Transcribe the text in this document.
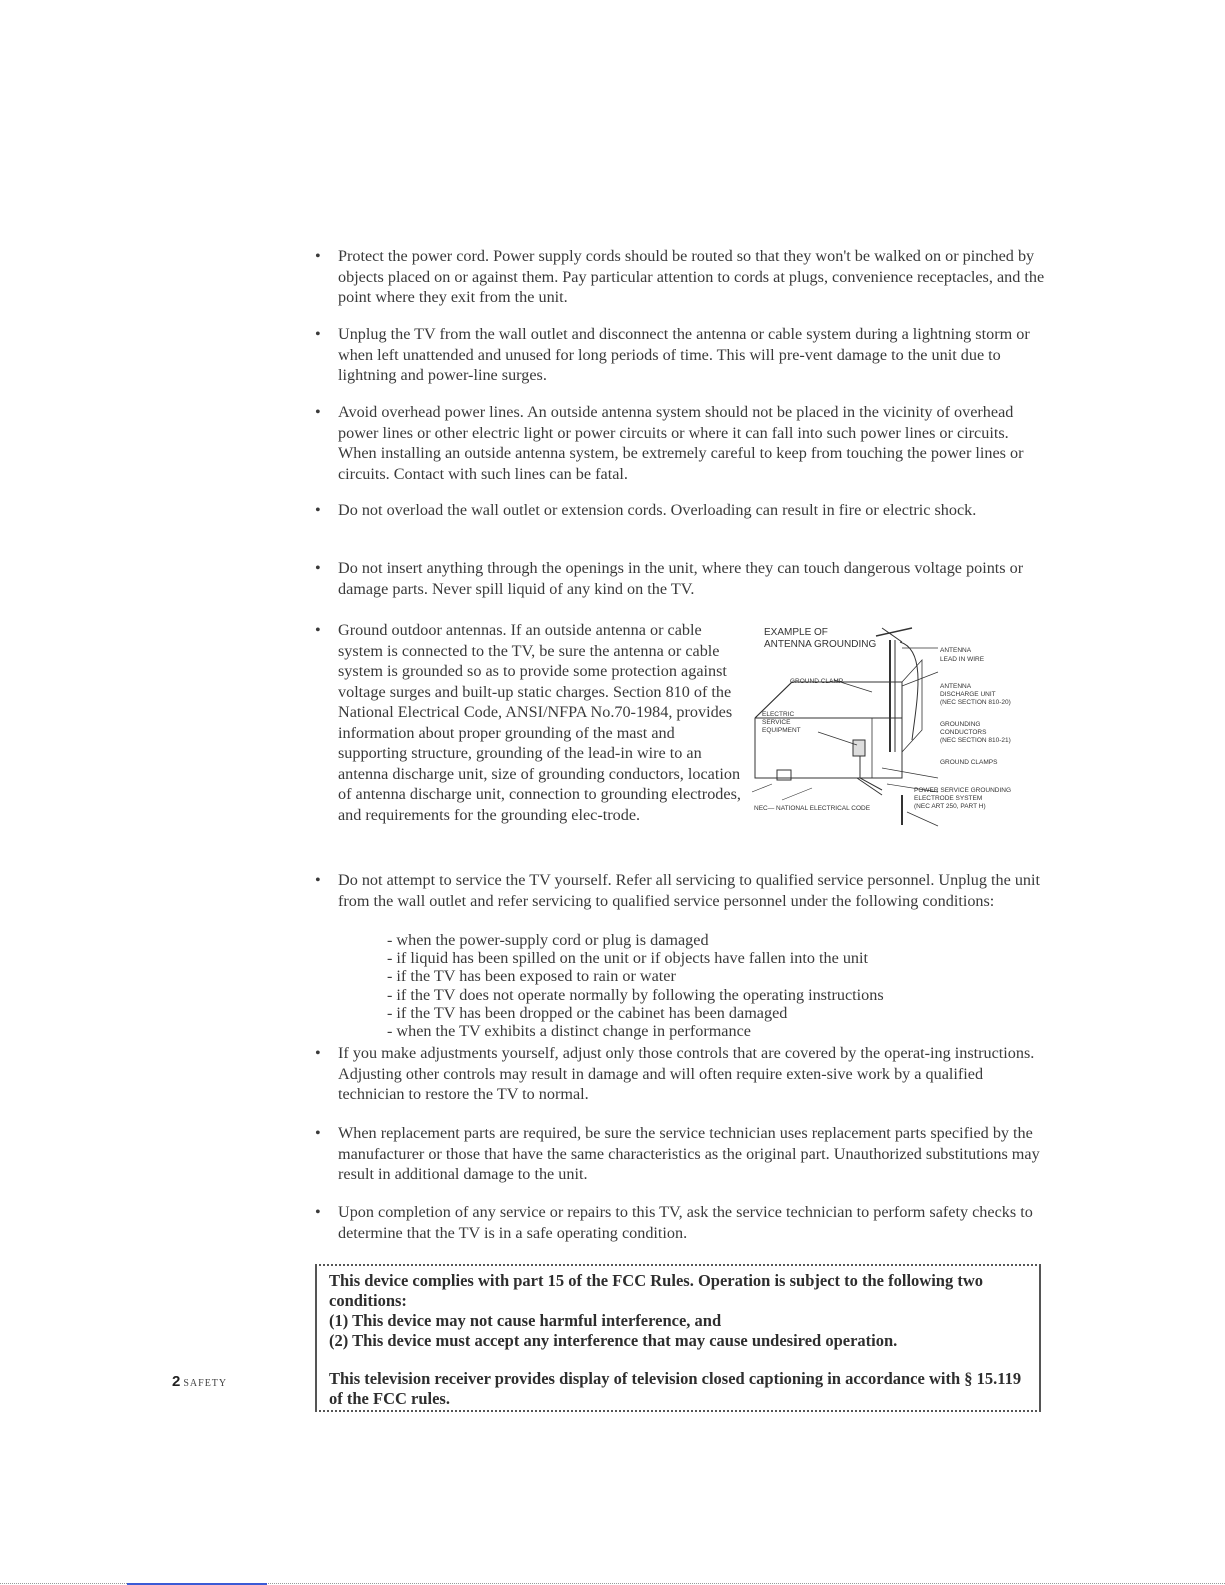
•	Protect the power cord. Power supply cords should be routed so that they won't be walked on or pinched by objects placed on or against them. Pay particular attention to cords at plugs, convenience receptacles, and the point where they exit from the unit.
•	Unplug the TV from the wall outlet and disconnect the antenna or cable system during a lightning storm or when left unattended and unused for long periods of time. This will pre-vent damage to the unit due to lightning and power-line surges.
•	Avoid overhead power lines. An outside antenna system should not be placed in the vicinity of overhead power lines or other electric light or power circuits or where it can fall into such power lines or circuits. When installing an outside antenna system, be extremely careful to keep from touching the power lines or circuits. Contact with such lines can be fatal.
•	Do not overload the wall outlet or extension cords. Overloading can result in fire or electric shock.
•	Do not insert anything through the openings in the unit, where they can touch dangerous voltage points or damage parts. Never spill liquid of any kind on the TV.
•	Ground outdoor antennas. If an outside antenna or cable system is connected to the TV, be sure the antenna or cable system is grounded so as to provide some protection against voltage surges and built-up static charges. Section 810 of the National Electrical Code, ANSI/NFPA No.70-1984, provides information about proper grounding of the mast and supporting structure, grounding of the lead-in wire to an antenna discharge unit, size of grounding conductors, location of antenna discharge unit, connection to grounding electrodes, and requirements for the grounding elec-trode.
EXAMPLE OF
ANTENNA GROUNDING
ANTENNA
LEAD IN WIRE
GROUND CLAMP
ANTENNA
DISCHARGE UNIT
(NEC SECTION 810-20)
ELECTRIC
SERVICE
EQUIPMENT
GROUNDING
CONDUCTORS
(NEC SECTION 810-21)
GROUND CLAMPS
POWER SERVICE GROUNDING
ELECTRODE SYSTEM
(NEC ART 250, PART H)
NEC— NATIONAL ELECTRICAL CODE
•	Do not attempt to service the TV yourself. Refer all servicing to qualified service personnel. Unplug the unit from the wall outlet and refer servicing to qualified service personnel under the following conditions:
- when the power-supply cord or plug is damaged
- if liquid has been spilled on the unit or if objects have fallen into the unit
- if the TV has been exposed to rain or water
- if the TV does not operate normally by following the operating instructions
- if the TV has been dropped or the cabinet has been damaged
- when the TV exhibits a distinct change in performance
•	If you make adjustments yourself, adjust only those controls that are covered by the operat-ing instructions. Adjusting other controls may result in damage and will often require exten-sive work by a qualified technician to restore the TV to normal.
•	When replacement parts are required, be sure the service technician uses replacement parts specified by the manufacturer or those that have the same characteristics as the original part. Unauthorized substitutions may result in additional damage to the unit.
•	Upon completion of any service or repairs to this TV, ask the service technician to perform safety checks to determine that the TV is in a safe operating condition.

This device complies with part 15 of the FCC Rules. Operation is subject to the following two conditions:

(1) This device may not cause harmful interference, and

(2) This device must accept any interference that may cause undesired operation.

This television receiver provides display of television closed captioning in accordance with § 15.119 of the FCC rules.

2 SAFETY
